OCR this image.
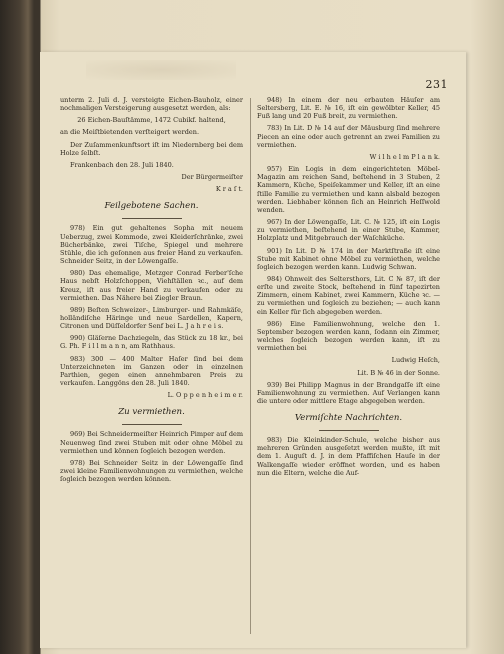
231

unterm 2. Juli d. J. versteigte Eichen-Bauholz, einer nochmaligen Versteigerung ausgesetzt werden, als:

26 Eichen-Bauſtämme, 1472 Cubikf. haltend,

an die Meiſtbietenden verſteigert werden.

Der Zuſammenkunftsort iſt im Niedernberg bei dem Holze ſelbſt.

Frankenbach den 28. Juli 1840.

Der Bürgermeiſter

K r a ſ t.

Feilgebotene Sachen.

978) Ein gut gehaltenes Sopha mit neuem Ueberzug, zwei Kommode, zwei Kleiderſchränke, zwei Bücherbänke, zwei Tiſche, Spiegel und mehrere Stühle, die ich geſonnen aus freier Hand zu verkaufen. Schneider Seitz, in der Löwengaſſe.

980) Das ehemalige, Metzger Conrad Ferber'ſche Haus nebſt Holzſchoppen, Viehſtällen ꝛc., auf dem Kreuz, iſt aus freier Hand zu verkaufen oder zu vermiethen. Das Nähere bei Ziegler Braun.

989) Beſten Schweizer-, Limburger- und Rahmkäſe, holländiſche Häringe und neue Sardellen, Kapern, Citronen und Düſſeldorfer Senf bei L. J a h r e i s.

990) Gläſerne Dachziegeln, das Stück zu 18 kr., bei G. Ph. F i l l m a n n, am Rathhaus.

983) 300 — 400 Malter Haſer ſind bei dem Unterzeichneten im Ganzen oder in einzelnen Parthien, gegen einen annehmbaren Preis zu verkaufen. Langgöns den 28. Juli 1840.

L. O p p e n h e i m e r.

Zu vermiethen.

969) Bei Schneidermeiſter Heinrich Pimper auf dem Neuenweg ſind zwei Stuben mit oder ohne Möbel zu vermiethen und können ſogleich bezogen werden.

978) Bei Schneider Seitz in der Löwengaſſe ſind zwei kleine Familienwohnungen zu vermiethen, welche ſogleich bezogen werden können.

948) In einem der neu erbauten Häuſer am Seltersberg, Lit. E. № 16, iſt ein gewölbter Keller, 45 Fuß lang und 20 Fuß breit, zu vermiethen.

783) In Lit. D № 14 auf der Mäusburg ſind mehrere Piecen an eine oder auch getrennt an zwei Familien zu vermiethen.

W i l h e l m P l a n k.

957) Ein Logis in dem eingerichteten Möbel-Magazin am reichen Sand, beſtehend in 3 Stuben, 2 Kammern, Küche, Speiſekammer und Keller, iſt an eine ſtille Familie zu vermiethen und kann alsbald bezogen werden. Liebhaber können ſich an Heinrich Heſſwold wenden.

967) In der Löwengaſſe, Lit. C. № 125, iſt ein Logis zu vermiethen, beſtehend in einer Stube, Kammer, Holzplatz und Mitgebrauch der Waſchküche.

901) In Lit. D № 174 in der Marktſtraße iſt eine Stube mit Kabinet ohne Möbel zu vermiethen, welche ſogleich bezogen werden kann. Ludwig Schwan.

984) Ohnweit des Seltersthors, Lit. C № 87, iſt der erſte und zweite Stock, beſtehend in fünf tapezirten Zimmern, einem Kabinet, zwei Kammern, Küche ꝛc. — zu vermiethen und ſogleich zu beziehen; — auch kann ein Keller für ſich abgegeben werden.

986) Eine Familienwohnung, welche den 1. September bezogen werden kann, ſodann ein Zimmer, welches ſogleich bezogen werden kann, iſt zu vermiethen bei

Ludwig Heſch,

Lit. B № 46 in der Sonne.

939) Bei Philipp Magnus in der Brandgaſſe iſt eine Familienwohnung zu vermiethen. Auf Verlangen kann die untere oder mittlere Etage abgegeben werden.

Vermiſchte Nachrichten.

983) Die Kleinkinder-Schule, welche bisher aus mehreren Gründen ausgeſetzt werden mußte, iſt mit dem 1. Auguſt d. J. in dem Pfaffiſchen Hauſe in der Walkengaſſe wieder eröffnet worden, und es haben nun die Eltern, welche die Auf-
